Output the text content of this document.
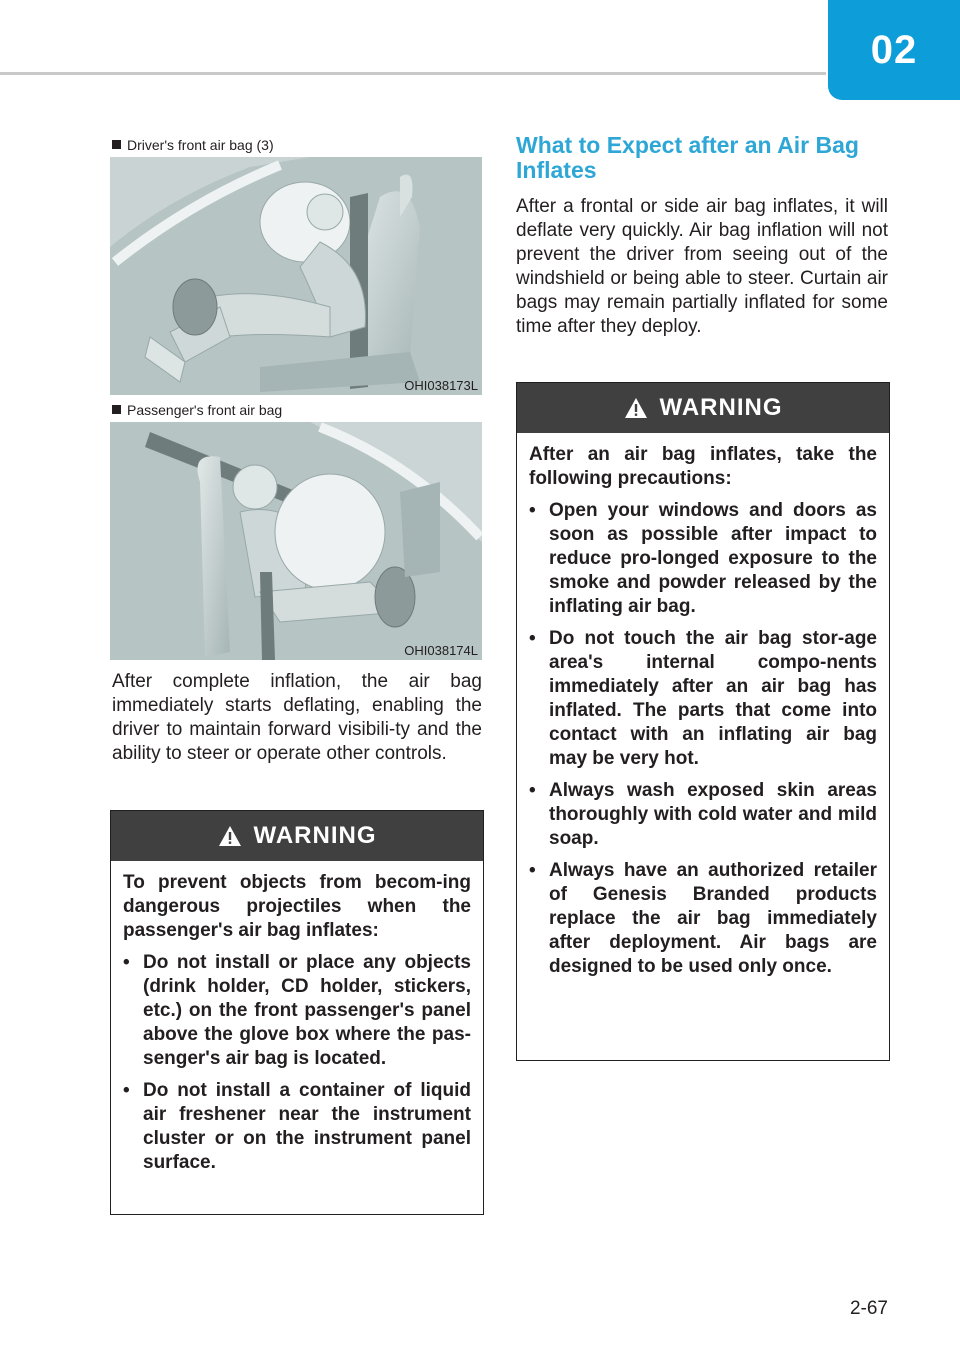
02
Driver's front air bag (3)
OHI038173L
Passenger's front air bag
OHI038174L
After complete inflation, the air bag immediately starts deflating, enabling the driver to maintain forward visibili-ty and the ability to steer or operate other controls.
WARNING

To prevent objects from becom-ing dangerous projectiles when the passenger's air bag inflates:

• Do not install or place any objects (drink holder, CD holder, stickers, etc.) on the front passenger's panel above the glove box where the pas-senger's air bag is located.
• Do not install a container of liquid air freshener near the instrument cluster or on the instrument panel surface.
What to Expect after an Air Bag Inflates
After a frontal or side air bag inflates, it will deflate very quickly. Air bag inflation will not prevent the driver from seeing out of the windshield or being able to steer. Curtain air bags may remain partially inflated for some time after they deploy.
WARNING

After an air bag inflates, take the following precautions:

• Open your windows and doors as soon as possible after impact to reduce pro-longed exposure to the smoke and powder released by the inflating air bag.
• Do not touch the air bag stor-age area's internal compo-nents immediately after an air bag has inflated. The parts that come into contact with an inflating air bag may be very hot.
• Always wash exposed skin areas thoroughly with cold water and mild soap.
• Always have an authorized retailer of Genesis Branded products replace the air bag immediately after deployment. Air bags are designed to be used only once.
2-67
